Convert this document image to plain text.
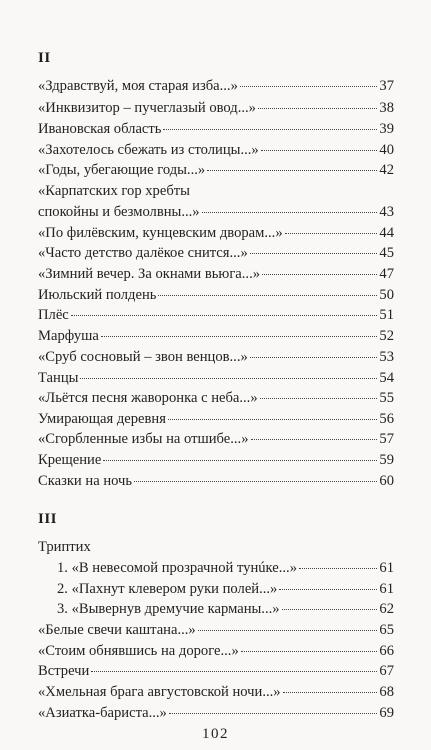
II
«Здравствуй, моя старая изба...»	37
«Инквизитор – пучеглазый овод...»	38
Ивановская область	39
«Захотелось сбежать из столицы...»	40
«Годы, убегающие годы...»	42
«Карпатских гор хребты
спокойны и безмолвны...»	43
«По филёвским, кунцевским дворам...»	44
«Часто детство далёкое снится...»	45
«Зимний вечер. За окнами вьюга...»	47
Июльский полдень	50
Плёс	51
Марфуша	52
«Сруб сосновый – звон венцов...»	53
Танцы	54
«Льётся песня жаворонка с неба...»	55
Умирающая деревня	56
«Сгорбленные избы на отшибе...»	57
Крещение	59
Сказки на ночь	60
III
Триптих
1. «В невесомой прозрачной тунúке...»	61
2. «Пахнут клевером руки полей...»	61
3. «Вывернув дремучие карманы...»	62
«Белые свечи каштана...»	65
«Стоим обнявшись на дороге...»	66
Встречи	67
«Хмельная брага августовской ночи...»	68
«Азиатка-бариста...»	69
102
